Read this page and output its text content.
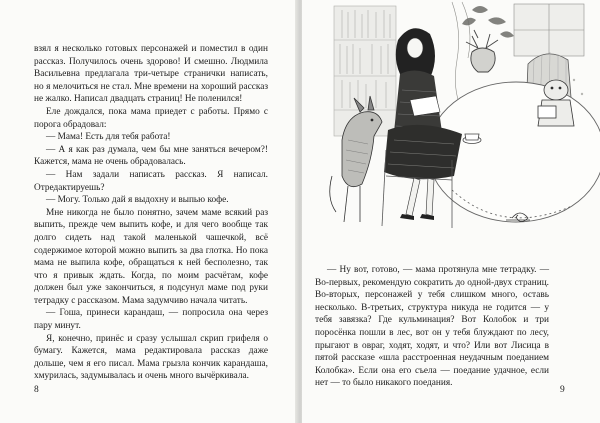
взял я несколько готовых персонажей и поместил в один рассказ. Получилось очень здорово! И смешно. Людмила Васильевна предлагала три-четыре странички написать, но я мелочиться не стал. Мне времени на хороший рассказ не жалко. Написал двадцать страниц! Не поленился!

Еле дождался, пока мама приедет с работы. Прямо с порога обрадовал:

— Мама! Есть для тебя работа!

— А я как раз думала, чем бы мне заняться вечером?! Кажется, мама не очень обрадовалась.

— Нам задали написать рассказ. Я написал. Отредактируешь?

— Могу. Только дай я выдохну и выпью кофе.

Мне никогда не было понятно, зачем маме всякий раз выпить, прежде чем выпить кофе, и для чего вообще так долго сидеть над такой маленькой чашечкой, всё содержимое которой можно выпить за два глотка. Но пока мама не выпила кофе, обращаться к ней бесполезно, так что я привык ждать. Когда, по моим расчётам, кофе должен был уже закончиться, я подсунул маме под руки тетрадку с рассказом. Мама задумчиво начала читать.

— Гоша, принеси карандаш, — попросила она через пару минут.

Я, конечно, принёс и сразу услышал скрип грифеля о бумагу. Кажется, мама редактировала рассказ даже дольше, чем я его писал. Мама грызла кончик карандаша, хмурилась, задумывалась и очень много вычёркивала.

8

— Ну вот, готово, — мама протянула мне тетрадку. — Во-первых, рекомендую сократить до одной-двух страниц. Во-вторых, персонажей у тебя слишком много, оставь несколько. В-третьих, структура никуда не годится — у тебя завязка? Где кульминация? Вот Колобок и три поросёнка пошли в лес, вот он у тебя блуждают по лесу, прыгают в овраг, ходят, ходят, и что? Или вот Лисица в пятой рассказе «шла расстроенная неудачным поеданием Колобка». Если она его съела — поедание удачное, если нет — то было никакого поедания.

9
